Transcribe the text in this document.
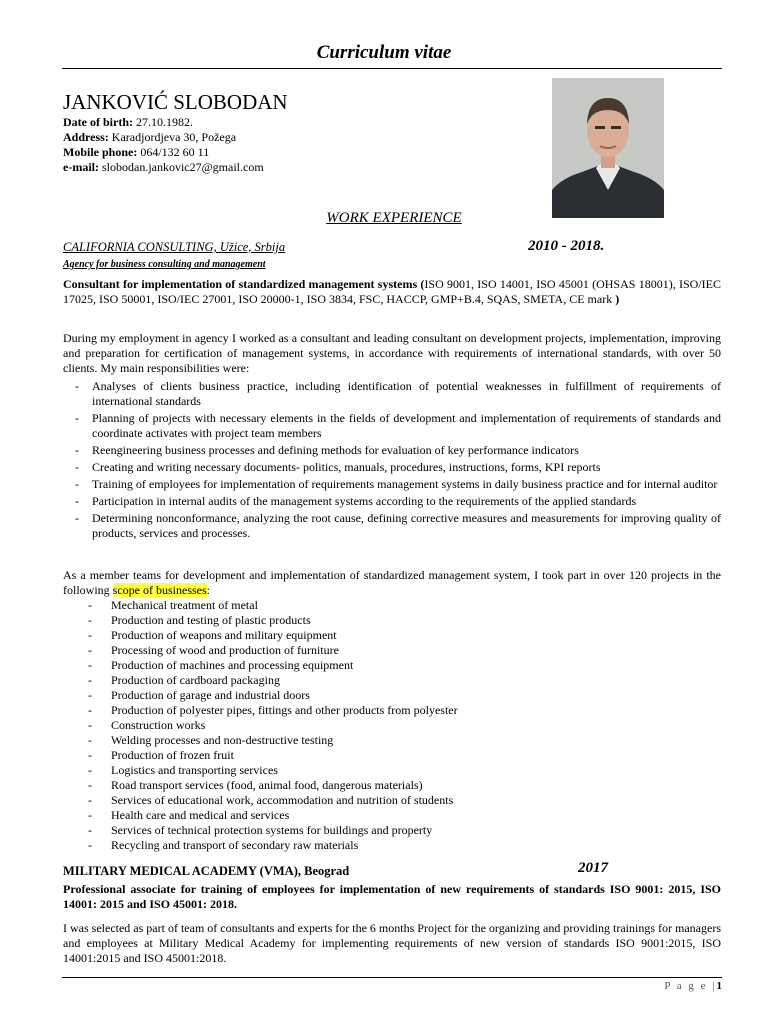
Curriculum vitae
JANKOVIĆ SLOBODAN
Date of birth: 27.10.1982.
Address: Karadjordjeva 30, Požega
Mobile phone: 064/132 60 11
e-mail: slobodan.jankovic27@gmail.com
WORK EXPERIENCE
CALIFORNIA CONSULTING, Užice, Srbija	2010 - 2018.
Agency for business consulting and management
Consultant for implementation of standardized management systems (ISO 9001, ISO 14001, ISO 45001 (OHSAS 18001), ISO/IEC 17025, ISO 50001, ISO/IEC 27001, ISO 20000-1, ISO 3834, FSC, HACCP, GMP+B.4, SQAS, SMETA, CE mark )
During my employment in agency I worked as a consultant and leading consultant on development projects, implementation, improving and preparation for certification of management systems, in accordance with requirements of international standards, with over 50 clients. My main responsibilities were:
- Analyses of clients business practice, including identification of potential weaknesses in fulfillment of requirements of international standards
- Planning of projects with necessary elements in the fields of development and implementation of requirements of standards and coordinate activates with project team members
- Reengineering business processes and defining methods for evaluation of key performance indicators
- Creating and writing necessary documents- politics, manuals, procedures, instructions, forms, KPI reports
- Training of employees for implementation of requirements management systems in daily business practice and for internal auditor
- Participation in internal audits of the management systems according to the requirements of the applied standards
- Determining nonconformance, analyzing the root cause, defining corrective measures and measurements for improving quality of products, services and processes.
As a member teams for development and implementation of standardized management system, I took part in over 120 projects in the following scope of businesses:
- Mechanical treatment of metal
- Production and testing of plastic products
- Production of weapons and military equipment
- Processing of wood and production of furniture
- Production of machines and processing equipment
- Production of cardboard packaging
- Production of garage and industrial doors
- Production of polyester pipes, fittings and other products from polyester
- Construction works
- Welding processes and non-destructive testing
- Production of frozen fruit
- Logistics and transporting services
- Road transport services (food, animal food, dangerous materials)
- Services of educational work, accommodation and nutrition of students
- Health care and medical and services
- Services of technical protection systems for buildings and property
- Recycling and transport of secondary raw materials
MILITARY MEDICAL ACADEMY (VMA), Beograd	2017
Professional associate for training of employees for implementation of new requirements of standards ISO 9001: 2015, ISO 14001: 2015 and ISO 45001: 2018.
I was selected as part of team of consultants and experts for the 6 months Project for the organizing and providing trainings for managers and employees at Military Medical Academy for implementing requirements of new version of standards ISO 9001:2015, ISO 14001:2015 and ISO 45001:2018.
P a g e |1
